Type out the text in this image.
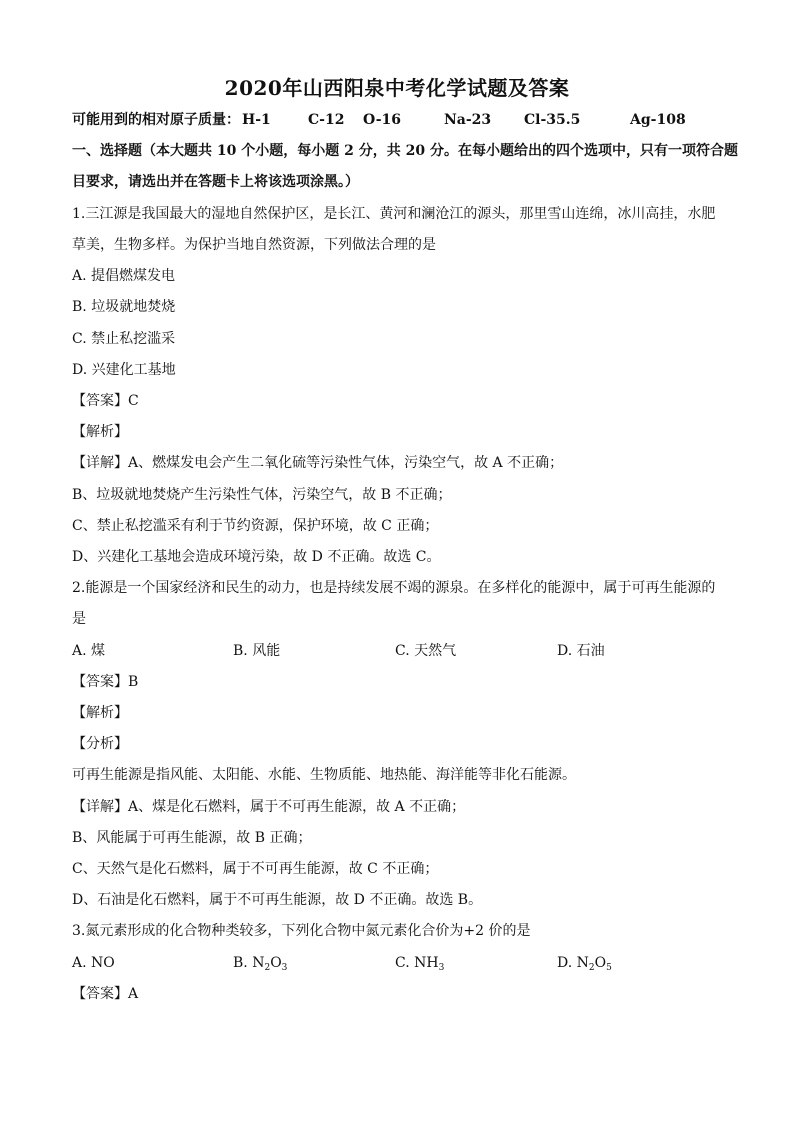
2020年山西阳泉中考化学试题及答案
可能用到的相对原子质量： H-1	C-12 O-16	Na-23 Cl-35.5	Ag-108
一、选择题（本大题共 10 个小题，每小题 2 分，共 20 分。在每小题给出的四个选项中，只有一项符合题
目要求，请选出并在答题卡上将该选项涂黑。）
1.三江源是我国最大的湿地自然保护区，是长江、黄河和澜沧江的源头，那里雪山连绵，冰川高挂，水肥
草美，生物多样。为保护当地自然资源，下列做法合理的是
A. 提倡燃煤发电
B. 垃圾就地焚烧
C. 禁止私挖滥采
D. 兴建化工基地
【答案】C
【解析】
【详解】A、燃煤发电会产生二氧化硫等污染性气体，污染空气，故 A 不正确；
B、垃圾就地焚烧产生污染性气体，污染空气，故 B 不正确；
C、禁止私挖滥采有利于节约资源，保护环境，故 C 正确；
D、兴建化工基地会造成环境污染，故 D 不正确。故选 C。
2.能源是一个国家经济和民生的动力，也是持续发展不竭的源泉。在多样化的能源中，属于可再生能源的
是
A. 煤	B. 风能	C. 天然气	D. 石油
【答案】B
【解析】
【分析】
可再生能源是指风能、太阳能、水能、生物质能、地热能、海洋能等非化石能源。
【详解】A、煤是化石燃料，属于不可再生能源，故 A 不正确；
B、风能属于可再生能源，故 B 正确；
C、天然气是化石燃料，属于不可再生能源，故 C 不正确；
D、石油是化石燃料，属于不可再生能源，故 D 不正确。故选 B。
3.氮元素形成的化合物种类较多，下列化合物中氮元素化合价为+2 价的是
A. NO	B. $N_2O_3$	C. $NH_3$	D. $N_2O_5$
【答案】A
